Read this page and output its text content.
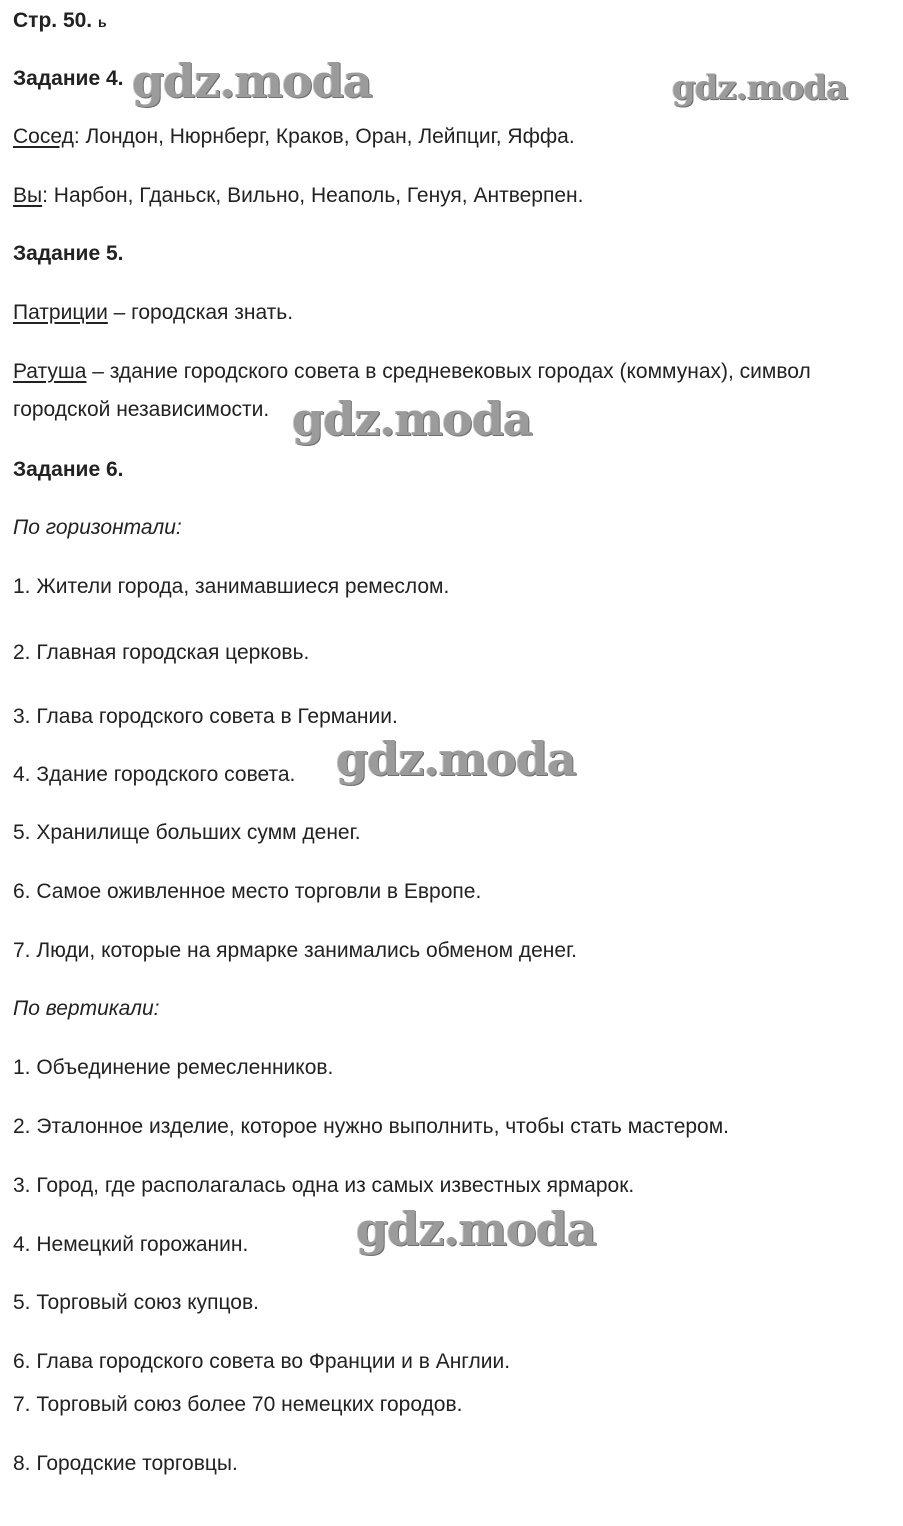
Стр. 50. ь
Задание 4.
Сосед: Лондон, Нюрнберг, Краков, Оран, Лейпциг, Яффа.
Вы: Нарбон, Гданьск, Вильно, Неаполь, Генуя, Антверпен.
Задание 5.
Патриции – городская знать.
Ратуша – здание городского совета в средневековых городах (коммунах), символ
городской независимости.
Задание 6.
По горизонтали:
1. Жители города, занимавшиеся ремеслом.
2. Главная городская церковь.
3. Глава городского совета в Германии.
4. Здание городского совета.
5. Хранилище больших сумм денег.
6. Самое оживленное место торговли в Европе.
7. Люди, которые на ярмарке занимались обменом денег.
По вертикали:
1. Объединение ремесленников.
2. Эталонное изделие, которое нужно выполнить, чтобы стать мастером.
3. Город, где располагалась одна из самых известных ярмарок.
4. Немецкий горожанин.
5. Торговый союз купцов.
6. Глава городского совета во Франции и в Англии.
7. Торговый союз более 70 немецких городов.
8. Городские торговцы.
gdz.moda	gdz.moda
gdz.moda
gdz.moda
gdz.moda
